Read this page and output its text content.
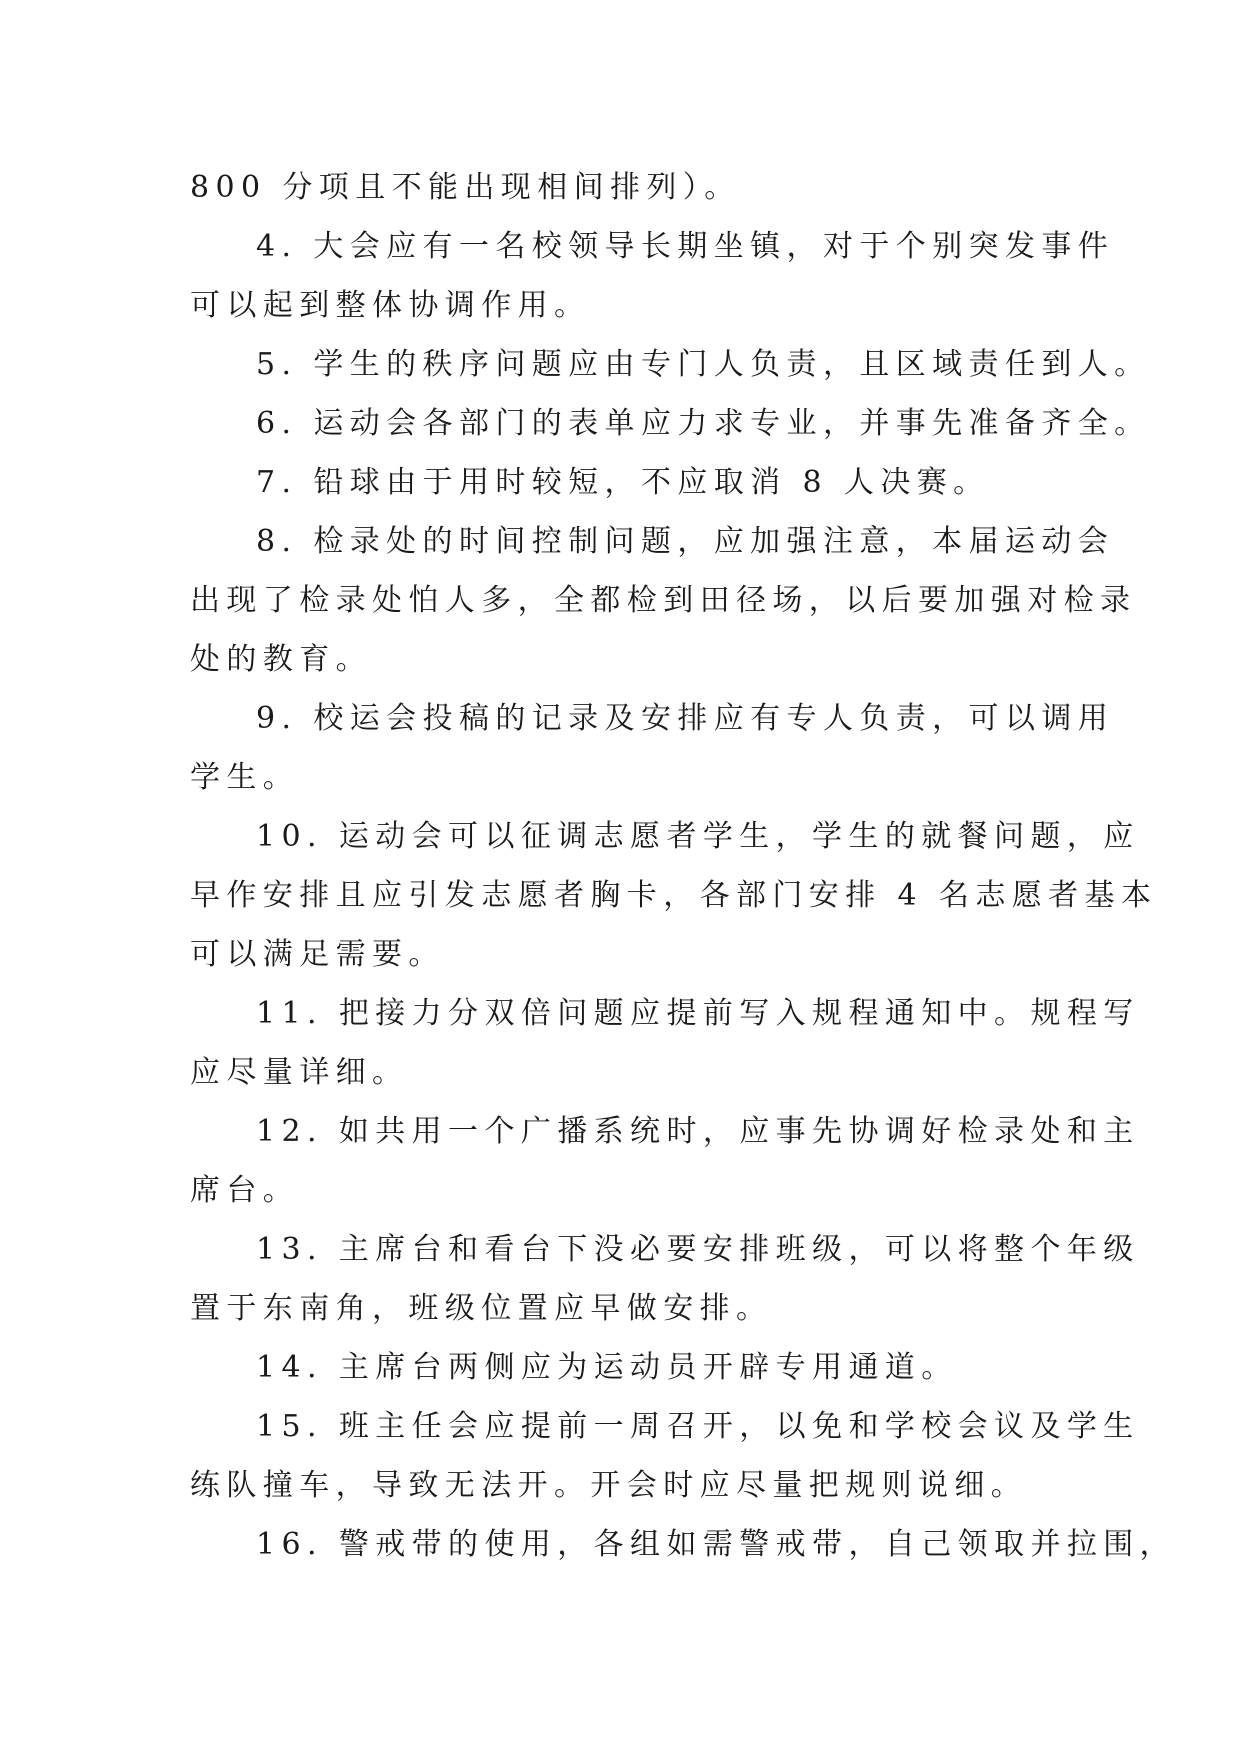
800 分项且不能出现相间排列）。
4. 大会应有一名校领导长期坐镇，对于个别突发事件
可以起到整体协调作用。
5. 学生的秩序问题应由专门人负责，且区域责任到人。
6. 运动会各部门的表单应力求专业，并事先准备齐全。
7. 铅球由于用时较短，不应取消 8 人决赛。
8. 检录处的时间控制问题，应加强注意，本届运动会
出现了检录处怕人多，全都检到田径场，以后要加强对检录
处的教育。
9. 校运会投稿的记录及安排应有专人负责，可以调用
学生。
10. 运动会可以征调志愿者学生，学生的就餐问题，应
早作安排且应引发志愿者胸卡，各部门安排 4 名志愿者基本
可以满足需要。
11. 把接力分双倍问题应提前写入规程通知中。规程写
应尽量详细。
12. 如共用一个广播系统时，应事先协调好检录处和主
席台。
13. 主席台和看台下没必要安排班级，可以将整个年级
置于东南角，班级位置应早做安排。
14. 主席台两侧应为运动员开辟专用通道。
15. 班主任会应提前一周召开，以免和学校会议及学生
练队撞车，导致无法开。开会时应尽量把规则说细。
16. 警戒带的使用，各组如需警戒带，自己领取并拉围，
